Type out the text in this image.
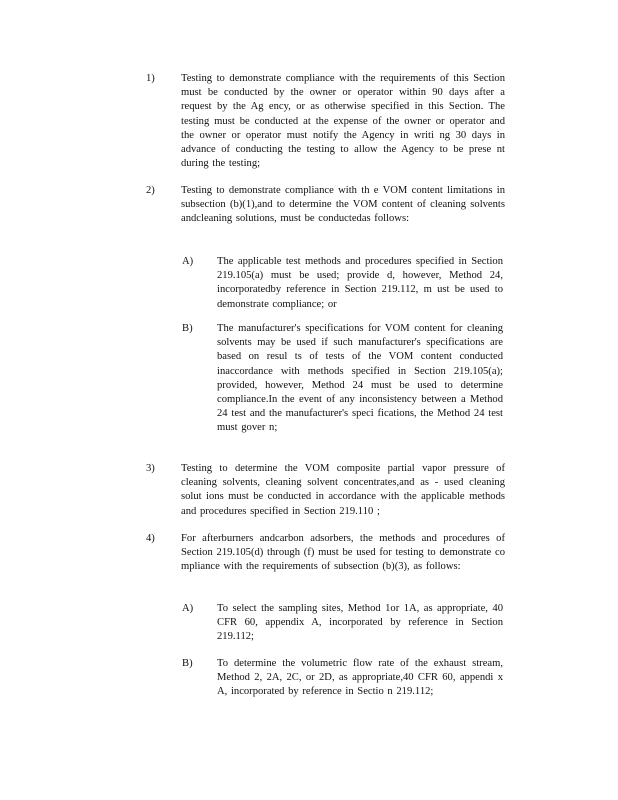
1) Testing to demonstrate compliance with the requirements of this Section must be conducted by the owner or operator within 90 days after a request by the Ag ency, or as otherwise specified in this Section. The testing must be conducted at the expense of the owner or operator and the owner or operator must notify the Agency in writi ng 30 days in advance of conducting the testing to allow the Agency to be prese nt during the testing;
2) Testing to demonstrate compliance with th e VOM content limitations in subsection (b)(1),and to determine the VOM content of cleaning solvents andcleaning solutions, must be conductedas follows:
A) The applicable test methods and procedures specified in Section 219.105(a) must be used; provide d, however, Method 24, incorporatedby reference in Section 219.112, m ust be used to demonstrate compliance; or
B) The manufacturer's specifications for VOM content for cleaning solvents may be used if such manufacturer's specifications are based on resul ts of tests of the VOM content conducted inaccordance with methods specified in Section 219.105(a); provided, however, Method 24 must be used to determine compliance.In the event of any inconsistency between a Method 24 test and the manufacturer's speci fications, the Method 24 test must gover n;
3) Testing to determine the VOM composite partial vapor pressure of cleaning solvents, cleaning solvent concentrates,and as - used cleaning solut ions must be conducted in accordance with the applicable methods and procedures specified in Section 219.110 ;
4) For afterburners andcarbon adsorbers, the methods and procedures of Section 219.105(d) through (f) must be used for testing to demonstrate co mpliance with the requirements of subsection (b)(3), as follows:
A) To select the sampling sites, Method 1or 1A, as appropriate, 40 CFR 60, appendix A, incorporated by reference in Section 219.112;
B) To determine the volumetric flow rate of the exhaust stream, Method 2, 2A, 2C, or 2D, as appropriate,40 CFR 60, appendi x A, incorporated by reference in Sectio n 219.112;
